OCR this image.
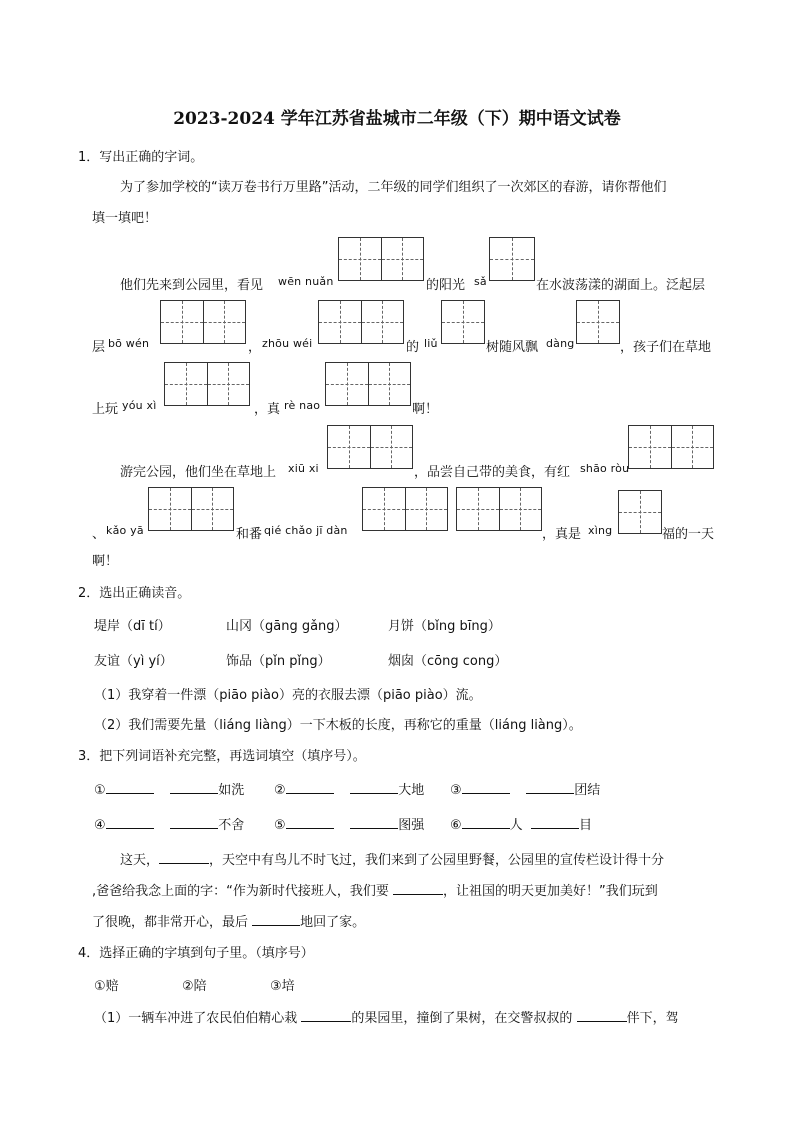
2023-2024 学年江苏省盐城市二年级（下）期中语文试卷
1．写出正确的字词。
为了参加学校的“读万卷书行万里路”活动，二年级的同学们组织了一次郊区的春游，请你帮他们
填一填吧！
他们先来到公园里，看见 wēn nuǎn	的阳光 sǎ	在水波荡漾的湖面上。泛起层
层 bō wén	， zhōu wéi	的 liǔ	树随风飘 dàng	，孩子们在草地
上玩 yóu xì	，真 rè nao	啊！
游完公园，他们坐在草地上 xiū xi	，品尝自己带的美食，有红 shāo ròu
、 kǎo yā	和番 qié chǎo jī dàn	，真是 xìng	福的一天
啊！
2．选出正确读音。
堤岸（dī tí）	山冈（gāng gǎng）	月饼（bǐng bīng）
友谊（yì yí）	饰品（pǐn pǐng）	烟囱（cōng cong）
（1）我穿着一件漂（piāo piào）亮的衣服去漂（piāo piào）流。
（2）我们需要先量（liáng liàng）一下木板的长度，再称它的重量（liáng liàng）。
3．把下列词语补充完整，再选词填空（填序号）。
①	如洗 ②	大地 ③	团结
④	不舍 ⑤	图强 ⑥	人	目
这天，	，天空中有鸟儿不时飞过，我们来到了公园里野餐，公园里的宣传栏设计得十分
,爸爸给我念上面的字：“作为新时代接班人，我们要	，让祖国的明天更加美好！”我们玩到
了很晚，都非常开心，最后	地回了家。
4．选择正确的字填到句子里。（填序号）
①赔	②陪	③培
（1）一辆车冲进了农民伯伯精心栽	的果园里，撞倒了果树，在交警叔叔的	伴下，驾
